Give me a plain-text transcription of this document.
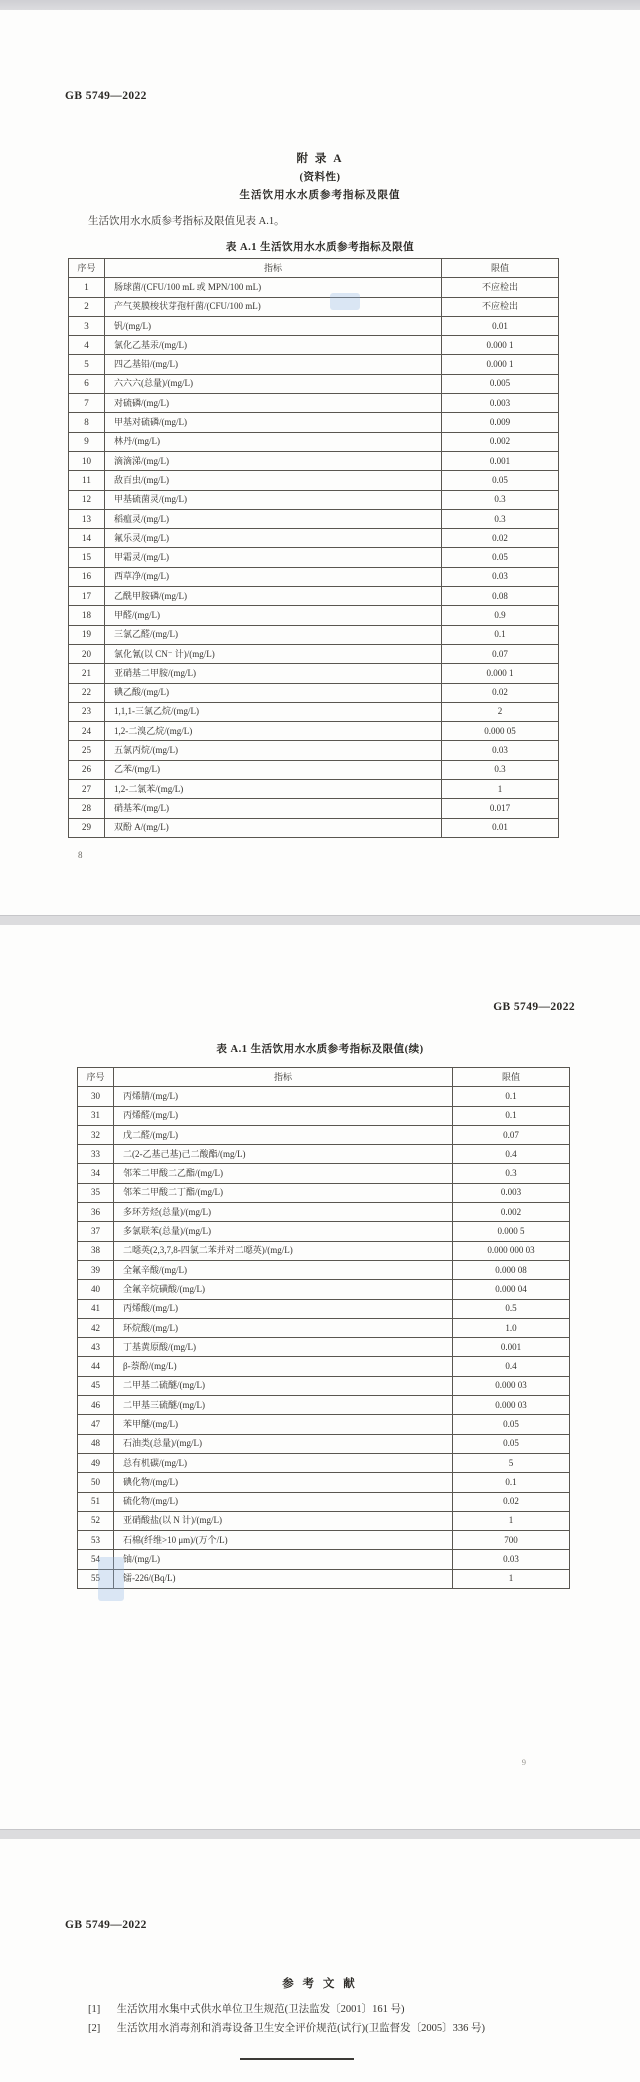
GB 5749—2022
附 录 A
(资料性)
生活饮用水水质参考指标及限值
生活饮用水水质参考指标及限值见表 A.1。
表 A.1 生活饮用水水质参考指标及限值
序号	指标	限值
1	肠球菌/(CFU/100 mL 或 MPN/100 mL)	不应检出
2	产气荚膜梭状芽孢杆菌/(CFU/100 mL)	不应检出
3	钒/(mg/L)	0.01
4	氯化乙基汞/(mg/L)	0.000 1
5	四乙基铅/(mg/L)	0.000 1
6	六六六(总量)/(mg/L)	0.005
7	对硫磷/(mg/L)	0.003
8	甲基对硫磷/(mg/L)	0.009
9	林丹/(mg/L)	0.002
10	滴滴涕/(mg/L)	0.001
11	敌百虫/(mg/L)	0.05
12	甲基硫菌灵/(mg/L)	0.3
13	稻瘟灵/(mg/L)	0.3
14	氟乐灵/(mg/L)	0.02
15	甲霜灵/(mg/L)	0.05
16	西草净/(mg/L)	0.03
17	乙酰甲胺磷/(mg/L)	0.08
18	甲醛/(mg/L)	0.9
19	三氯乙醛/(mg/L)	0.1
20	氯化氰(以 CN⁻ 计)/(mg/L)	0.07
21	亚硝基二甲胺/(mg/L)	0.000 1
22	碘乙酸/(mg/L)	0.02
23	1,1,1-三氯乙烷/(mg/L)	2
24	1,2-二溴乙烷/(mg/L)	0.000 05
25	五氯丙烷/(mg/L)	0.03
26	乙苯/(mg/L)	0.3
27	1,2-二氯苯/(mg/L)	1
28	硝基苯/(mg/L)	0.017
29	双酚 A/(mg/L)	0.01
8
GB 5749—2022
表 A.1 生活饮用水水质参考指标及限值(续)
序号	指标	限值
30	丙烯腈/(mg/L)	0.1
31	丙烯醛/(mg/L)	0.1
32	戊二醛/(mg/L)	0.07
33	二(2-乙基己基)己二酸酯/(mg/L)	0.4
34	邻苯二甲酸二乙酯/(mg/L)	0.3
35	邻苯二甲酸二丁酯/(mg/L)	0.003
36	多环芳烃(总量)/(mg/L)	0.002
37	多氯联苯(总量)/(mg/L)	0.000 5
38	二噁英(2,3,7,8-四氯二苯并对二噁英)/(mg/L)	0.000 000 03
39	全氟辛酸/(mg/L)	0.000 08
40	全氟辛烷磺酸/(mg/L)	0.000 04
41	丙烯酸/(mg/L)	0.5
42	环烷酸/(mg/L)	1.0
43	丁基黄原酸/(mg/L)	0.001
44	β-萘酚/(mg/L)	0.4
45	二甲基二硫醚/(mg/L)	0.000 03
46	二甲基三硫醚/(mg/L)	0.000 03
47	苯甲醚/(mg/L)	0.05
48	石油类(总量)/(mg/L)	0.05
49	总有机碳/(mg/L)	5
50	碘化物/(mg/L)	0.1
51	硫化物/(mg/L)	0.02
52	亚硝酸盐(以 N 计)/(mg/L)	1
53	石棉(纤维>10 μm)/(万个/L)	700
54	铀/(mg/L)	0.03
55	镭-226/(Bq/L)	1
9
GB 5749—2022
参 考 文 献
[1] 生活饮用水集中式供水单位卫生规范(卫法监发〔2001〕161 号)
[2] 生活饮用水消毒剂和消毒设备卫生安全评价规范(试行)(卫监督发〔2005〕336 号)
